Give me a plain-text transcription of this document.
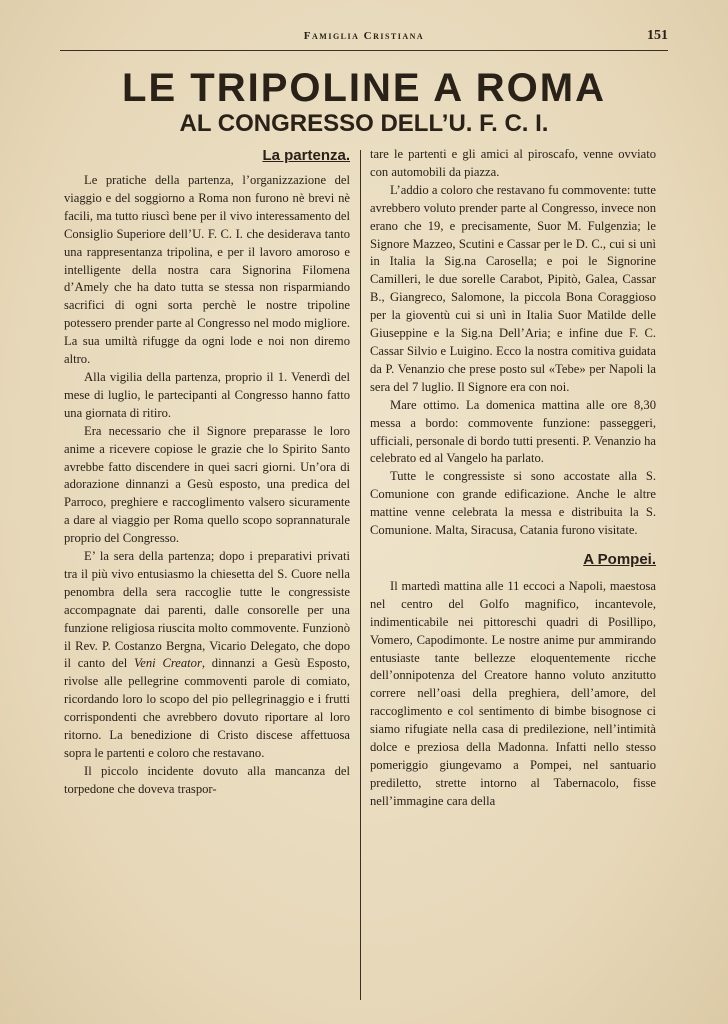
Famiglia Cristiana	151
LE TRIPOLINE A ROMA
AL CONGRESSO DELL’U. F. C. I.
La partenza.

Le pratiche della partenza, l’organizzazione del viaggio e del soggiorno a Roma non furono nè brevi nè facili, ma tutto riuscì bene per il vivo interessamento del Consiglio Superiore dell’U. F. C. I. che desiderava tanto una rappresentanza tripolina, e per il lavoro amoroso e intelligente della nostra cara Signorina Filomena d’Amely che ha dato tutta se stessa non risparmiando sacrifici di ogni sorta perchè le nostre tripoline potessero prender parte al Congresso nel modo migliore. La sua umiltà rifugge da ogni lode e noi non diremo altro.

Alla vigilia della partenza, proprio il 1. Venerdì del mese di luglio, le partecipanti al Congresso hanno fatto una giornata di ritiro.

Era necessario che il Signore preparasse le loro anime a ricevere copiose le grazie che lo Spirito Santo avrebbe fatto discendere in quei sacri giorni. Un’ora di adorazione dinnanzi a Gesù esposto, una predica del Parroco, preghiere e raccoglimento valsero sicuramente a dare al viaggio per Roma quello scopo soprannaturale proprio del Congresso.

E’ la sera della partenza; dopo i preparativi privati tra il più vivo entusiasmo la chiesetta del S. Cuore nella penombra della sera raccoglie tutte le congressiste accompagnate dai parenti, dalle consorelle per una funzione religiosa riuscita molto commovente. Funzionò il Rev. P. Costanzo Bergna, Vicario Delegato, che dopo il canto del Veni Creator, dinnanzi a Gesù Esposto, rivolse alle pellegrine commoventi parole di comiato, ricordando loro lo scopo del pio pellegrinaggio e i frutti corrispondenti che avrebbero dovuto riportare al loro ritorno. La benedizione di Cristo discese affettuosa sopra le partenti e coloro che restavano.

Il piccolo incidente dovuto alla mancanza del torpedone che doveva traspor-

tare le partenti e gli amici al piroscafo, venne ovviato con automobili da piazza.

L’addio a coloro che restavano fu commovente: tutte avrebbero voluto prender parte al Congresso, invece non erano che 19, e precisamente, Suor M. Fulgenzia; le Signore Mazzeo, Scutini e Cassar per le D. C., cui si unì in Italia la Sig.na Carosella; e poi le Signorine Camilleri, le due sorelle Carabot, Pipitò, Galea, Cassar B., Giangreco, Salomone, la piccola Bona Coraggioso per la gioventù cui si unì in Italia Suor Matilde delle Giuseppine e la Sig.na Dell’Aria; e infine due F. C. Cassar Silvio e Luigino. Ecco la nostra comitiva guidata da P. Venanzio che prese posto sul «Tebe» per Napoli la sera del 7 luglio. Il Signore era con noi.

Mare ottimo. La domenica mattina alle ore 8,30 messa a bordo: commovente funzione: passeggeri, ufficiali, personale di bordo tutti presenti. P. Venanzio ha celebrato ed al Vangelo ha parlato.

Tutte le congressiste si sono accostate alla S. Comunione con grande edificazione. Anche le altre mattine venne celebrata la messa e distribuita la S. Comunione. Malta, Siracusa, Catania furono visitate.

A Pompei.

Il martedì mattina alle 11 eccoci a Napoli, maestosa nel centro del Golfo magnifico, incantevole, indimenticabile nei pittoreschi quadri di Posillipo, Vomero, Capodimonte. Le nostre anime pur ammirando entusiaste tante bellezze eloquentemente ricche dell’onnipotenza del Creatore hanno voluto anzitutto correre nell’oasi della preghiera, dell’amore, del raccoglimento e col sentimento di bimbe bisognose ci siamo rifugiate nella casa di predilezione, nell’intimità dolce e preziosa della Madonna. Infatti nello stesso pomeriggio giungevamo a Pompei, nel santuario prediletto, strette intorno al Tabernacolo, fisse nell’immagine cara della
